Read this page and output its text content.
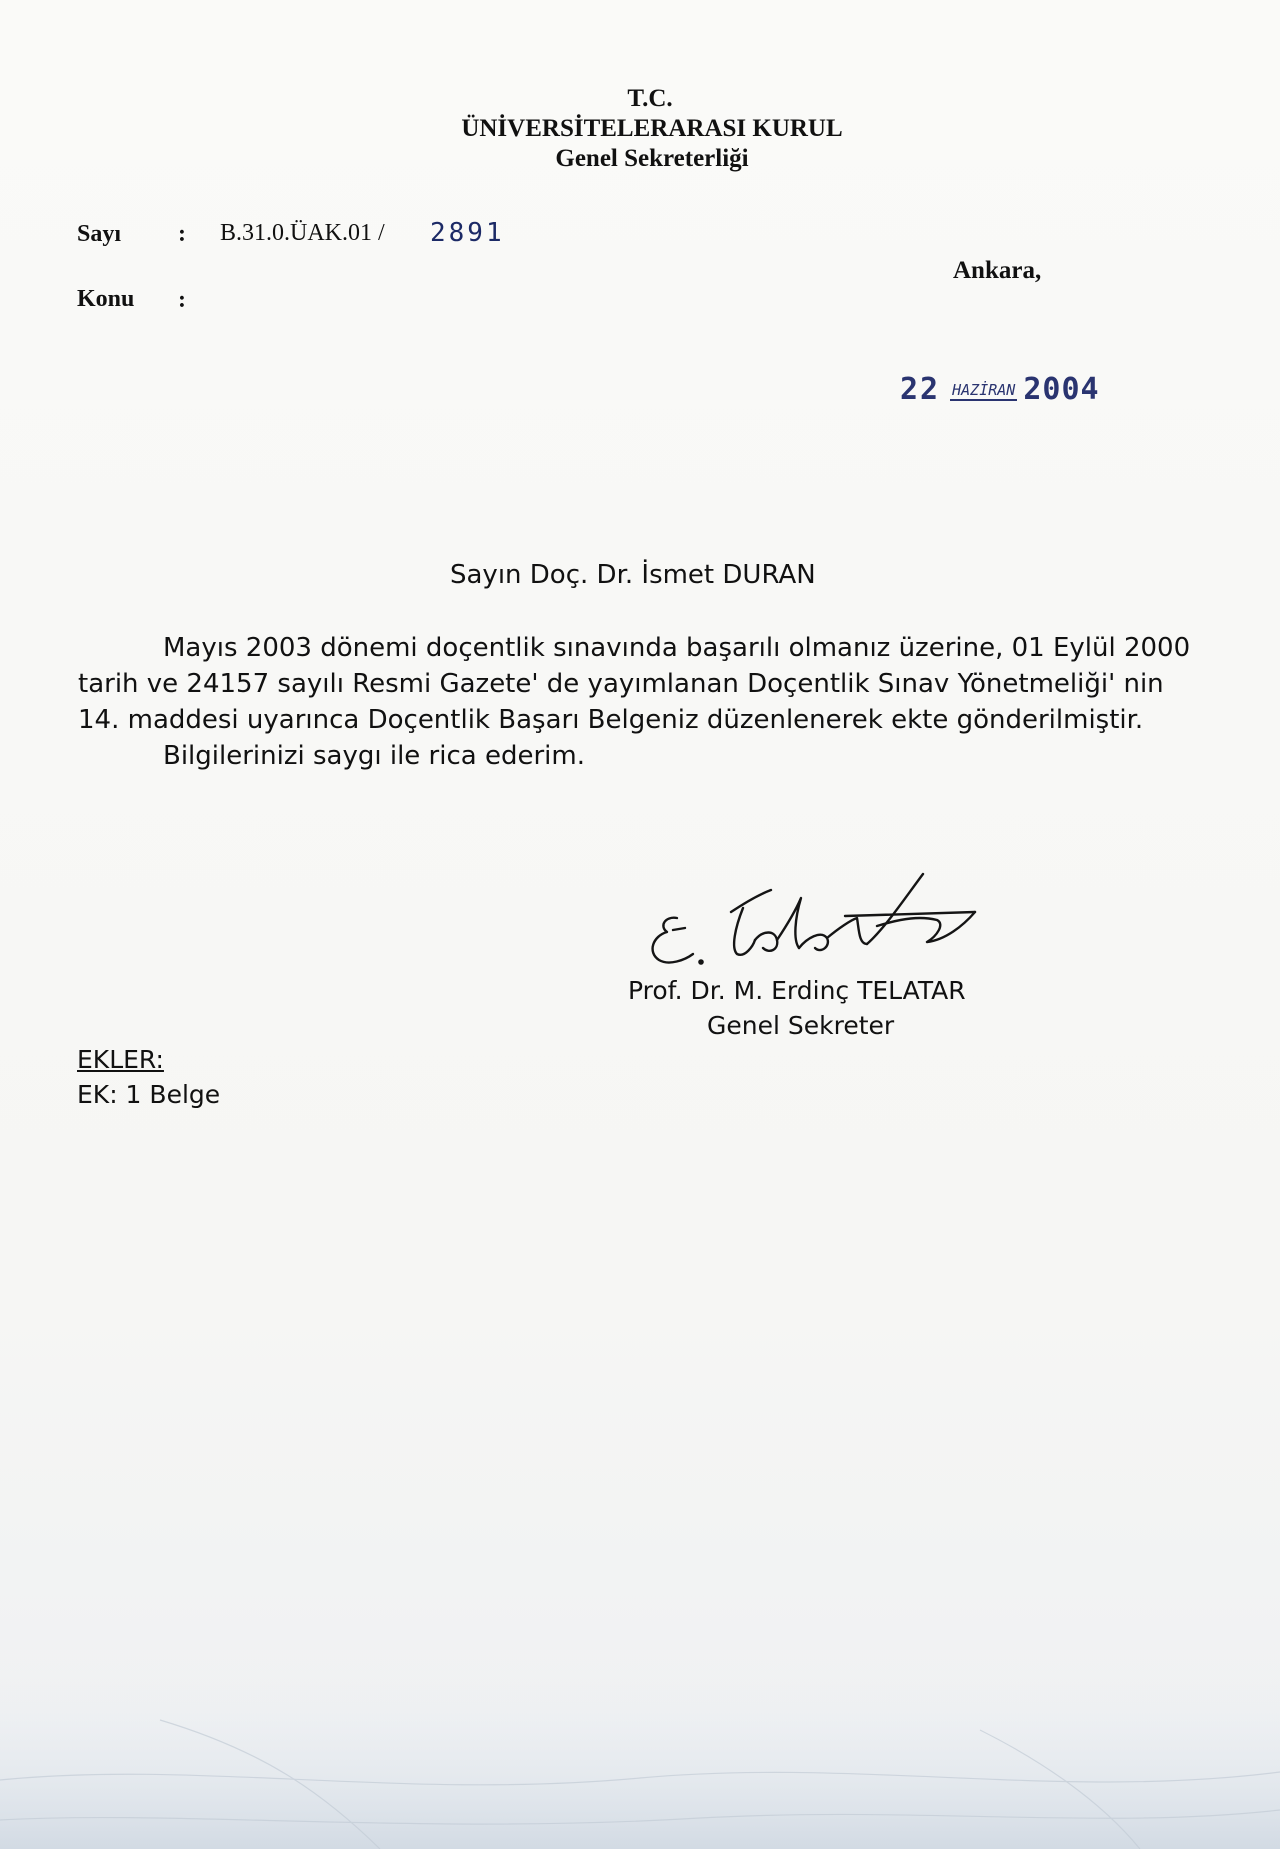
T.C.
ÜNİVERSİTELERARASI KURUL
Genel Sekreterliği
Sayı : B.31.0.ÜAK.01 / 2891
Konu :
Ankara,
22 HAZİRAN 2004
Sayın Doç. Dr. İsmet DURAN

Mayıs 2003 dönemi doçentlik sınavında başarılı olmanız üzerine, 01 Eylül 2000 tarih ve 24157 sayılı Resmi Gazete' de yayımlanan Doçentlik Sınav Yönetmeliği' nin 14. maddesi uyarınca Doçentlik Başarı Belgeniz düzenlenerek ekte gönderilmiştir.

Bilgilerinizi saygı ile rica ederim.

Prof. Dr. M. Erdinç TELATAR
Genel Sekreter
EKLER:
EK: 1 Belge
